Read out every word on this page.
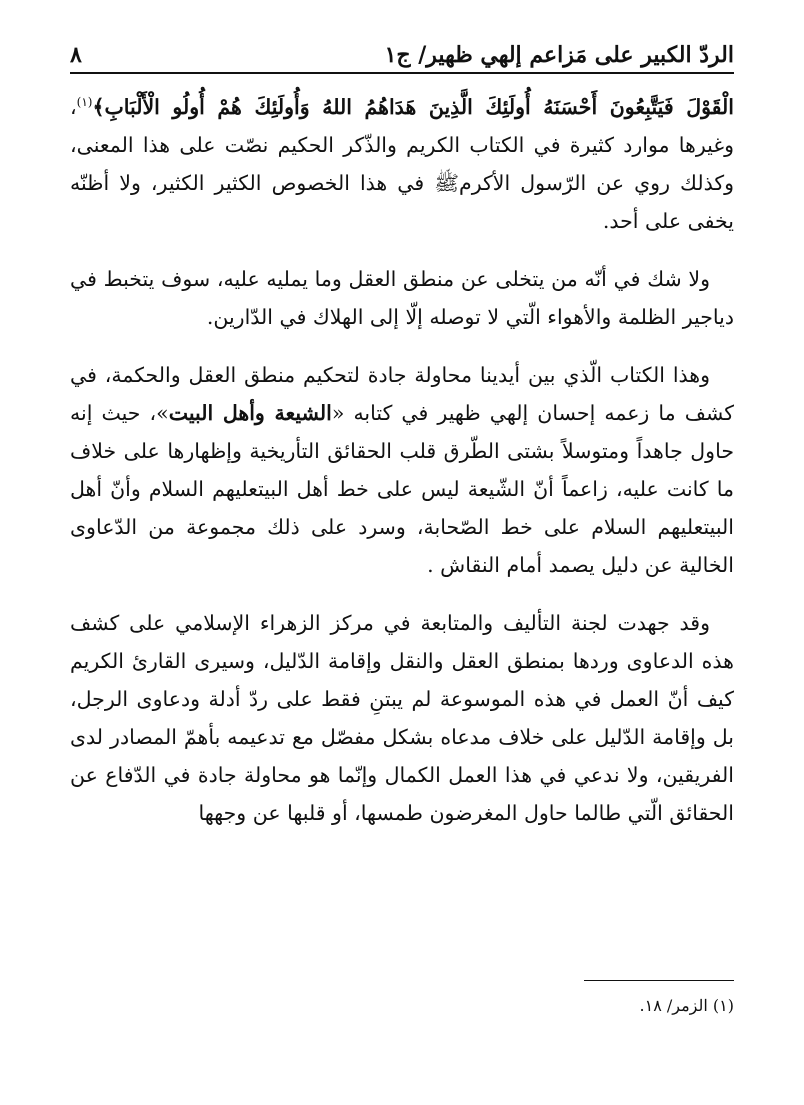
الردّ الكبير على مَزاعم إلهي ظهير/ ج١
٨

الْقَوْلَ فَيَتَّبِعُونَ أَحْسَنَهُ أُولَئِكَ الَّذِينَ هَدَاهُمُ اللهُ وَأُولَئِكَ هُمْ أُولُو الْأَلْبَابِ﴾$^{(١)}$، وغيرها موارد كثيرة في الكتاب الكريم والذّكر الحكيم نصّت على هذا المعنى، وكذلك روي عن الرّسول الأكرمﷺ في هذا الخصوص الكثير الكثير، ولا أظنّه يخفى على أحد.

ولا شك في أنّه من يتخلى عن منطق العقل وما يمليه عليه، سوف يتخبط في دياجير الظلمة والأهواء الّتي لا توصله إلّا إلى الهلاك في الدّارين.

وهذا الكتاب الّذي بين أيدينا محاولة جادة لتحكيم منطق العقل والحكمة، في كشف ما زعمه إحسان إلهي ظهير في كتابه «الشيعة وأهل البيت»، حيث إنه حاول جاهداً ومتوسلاً بشتى الطّرق قلب الحقائق التأريخية وإظهارها على خلاف ما كانت عليه، زاعماً أنّ الشّيعة ليس على خط أهل البيتعليهم السلام وأنّ أهل البيتعليهم السلام على خط الصّحابة، وسرد على ذلك مجموعة من الدّعاوى الخالية عن دليل يصمد أمام النقاش .

وقد جهدت لجنة التأليف والمتابعة في مركز الزهراء الإسلامي على كشف هذه الدعاوى وردها بمنطق العقل والنقل وإقامة الدّليل، وسيرى القارئ الكريم كيف أنّ العمل في هذه الموسوعة لم يبتنِ فقط على ردّ أدلة ودعاوى الرجل، بل وإقامة الدّليل على خلاف مدعاه بشكل مفصّل مع تدعيمه بأهمّ المصادر لدى الفريقين، ولا ندعي في هذا العمل الكمال وإنّما هو محاولة جادة في الدّفاع عن الحقائق الّتي طالما حاول المغرضون طمسها، أو قلبها عن وجهها

(١) الزمر/ ١٨.
